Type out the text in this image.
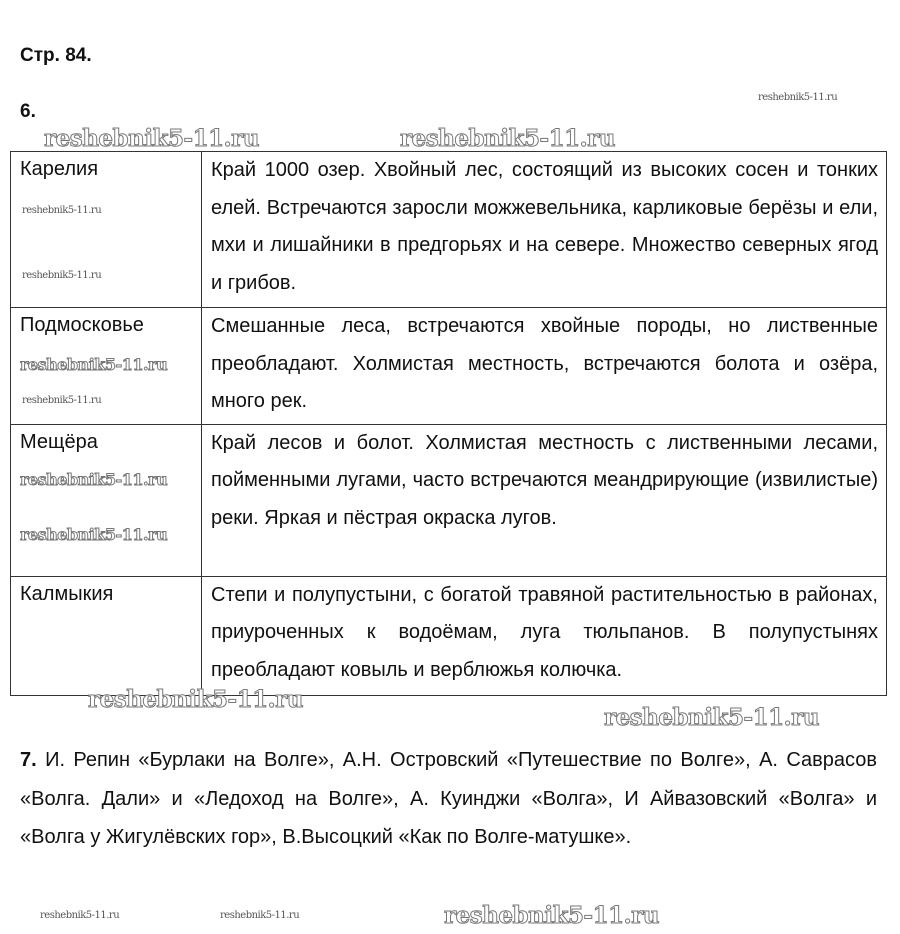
Стр. 84.
6.
Карелия	Край 1000 озер. Хвойный лес, состоящий из высоких сосен и тонких елей. Встречаются заросли можжевельника, карликовые берёзы и ели, мхи и лишайники в предгорьях и на севере. Множество северных ягод и грибов.
Подмосковье	Смешанные леса, встречаются хвойные породы, но лиственные преобладают. Холмистая местность, встречаются болота и озёра, много рек.
Мещёра	Край лесов и болот. Холмистая местность с лиственными лесами, пойменными лугами, часто встречаются меандрирующие (извилистые) реки. Яркая и пёстрая окраска лугов.
Калмыкия	Степи и полупустыни, с богатой травяной растительностью в районах, приуроченных к водоёмам, луга тюльпанов. В полупустынях преобладают ковыль и верблюжья колючка.
7. И. Репин «Бурлаки на Волге», А.Н. Островский «Путешествие по Волге», А. Саврасов «Волга. Дали» и «Ледоход на Волге», А. Куинджи «Волга», И Айвазовский «Волга» и «Волга у Жигулёвских гор», В.Высоцкий «Как по Волге-матушке».
reshebnik5-11.ru
reshebnik5-11.ru	reshebnik5-11.ru
reshebnik5-11.ru
reshebnik5-11.ru
reshebnik5-11.ru
reshebnik5-11.ru
reshebnik5-11.ru
reshebnik5-11.ru
reshebnik5-11.ru
reshebnik5-11.ru
reshebnik5-11.ru
reshebnik5-11.ru	reshebnik5-11.ru
